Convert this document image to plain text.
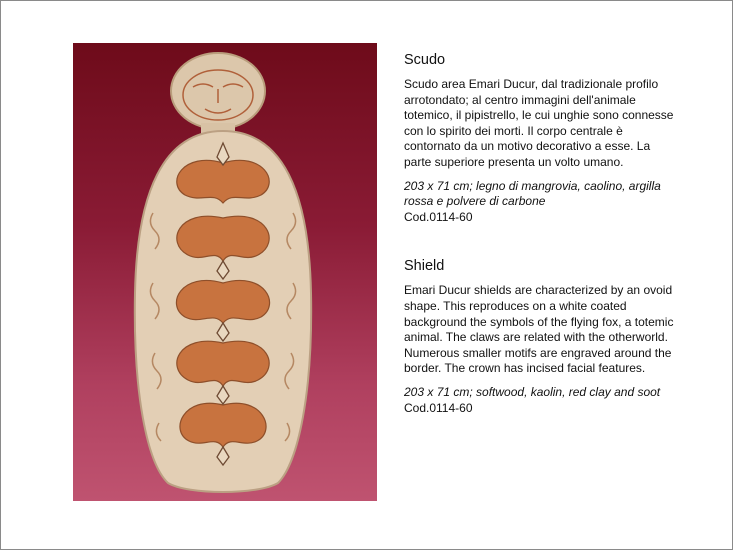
Scudo

Scudo area Emari Ducur, dal tradizionale profilo arrotondato; al centro immagini dell'animale totemico, il pipistrello, le cui unghie sono connesse con lo spirito dei morti. Il corpo centrale è contornato da un motivo decorativo a esse. La parte superiore presenta un volto umano.

203 x 71 cm; legno di mangrovia, caolino, argilla rossa e polvere di carbone

Cod.0114-60

Shield

Emari Ducur shields are characterized by an ovoid shape. This reproduces on a white coated background the symbols of the flying fox, a totemic animal. The claws are related with the otherworld. Numerous smaller motifs are engraved around the border. The crown has incised facial features.

203 x 71 cm; softwood, kaolin, red clay and soot

Cod.0114-60
